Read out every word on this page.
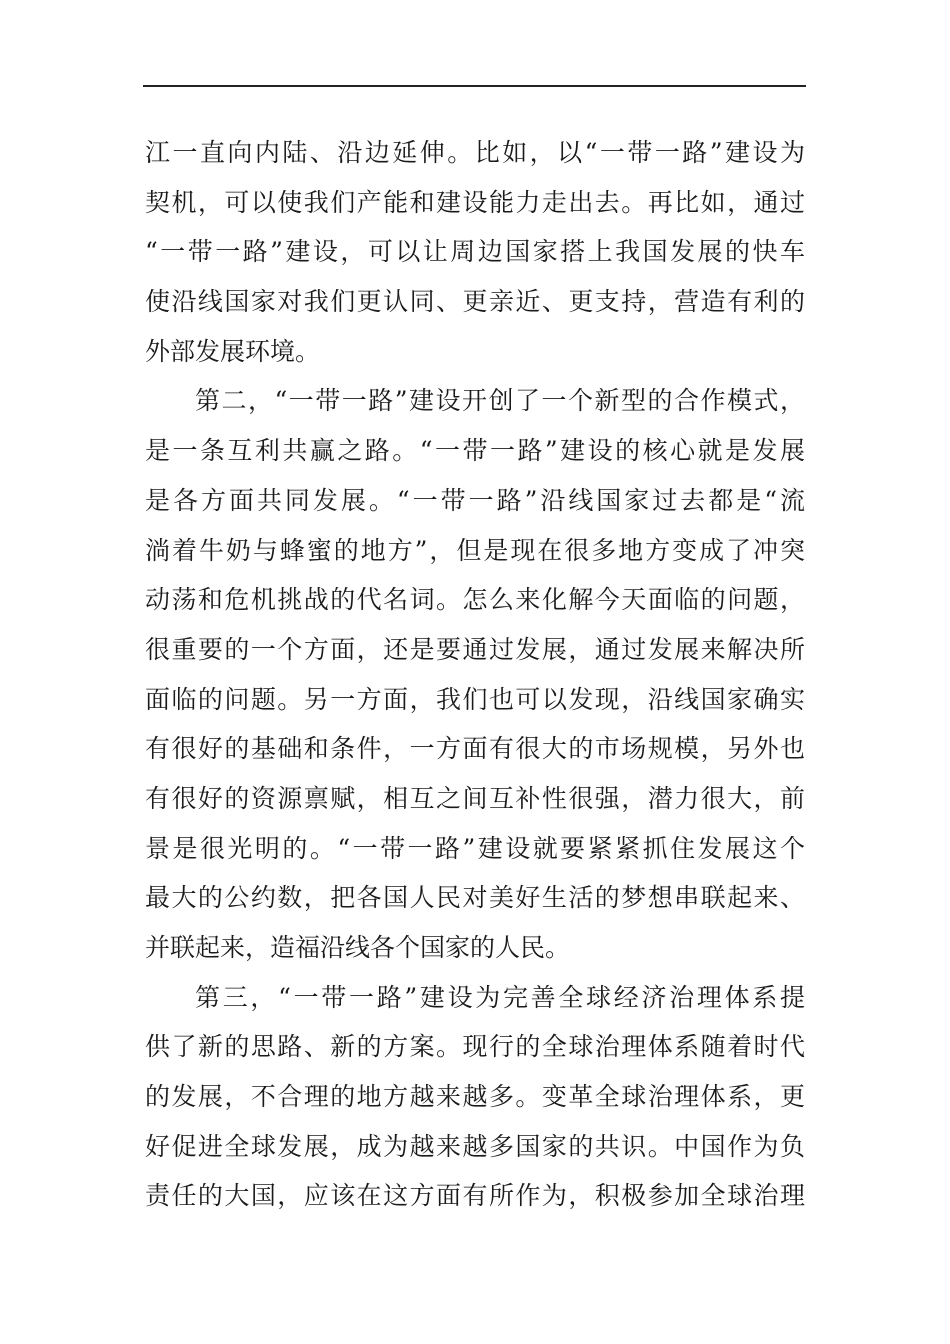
江一直向内陆、沿边延伸。比如，以“一带一路”建设为
契机，可以使我们产能和建设能力走出去。再比如，通过
“一带一路”建设，可以让周边国家搭上我国发展的快车
使沿线国家对我们更认同、更亲近、更支持，营造有利的
外部发展环境。
第二，“一带一路”建设开创了一个新型的合作模式，
是一条互利共赢之路。“一带一路”建设的核心就是发展
是各方面共同发展。“一带一路”沿线国家过去都是“流
淌着牛奶与蜂蜜的地方”，但是现在很多地方变成了冲突
动荡和危机挑战的代名词。怎么来化解今天面临的问题，
很重要的一个方面，还是要通过发展，通过发展来解决所
面临的问题。另一方面，我们也可以发现，沿线国家确实
有很好的基础和条件，一方面有很大的市场规模，另外也
有很好的资源禀赋，相互之间互补性很强，潜力很大，前
景是很光明的。“一带一路”建设就要紧紧抓住发展这个
最大的公约数，把各国人民对美好生活的梦想串联起来、
并联起来，造福沿线各个国家的人民。
第三，“一带一路”建设为完善全球经济治理体系提
供了新的思路、新的方案。现行的全球治理体系随着时代
的发展，不合理的地方越来越多。变革全球治理体系，更
好促进全球发展，成为越来越多国家的共识。中国作为负
责任的大国，应该在这方面有所作为，积极参加全球治理
